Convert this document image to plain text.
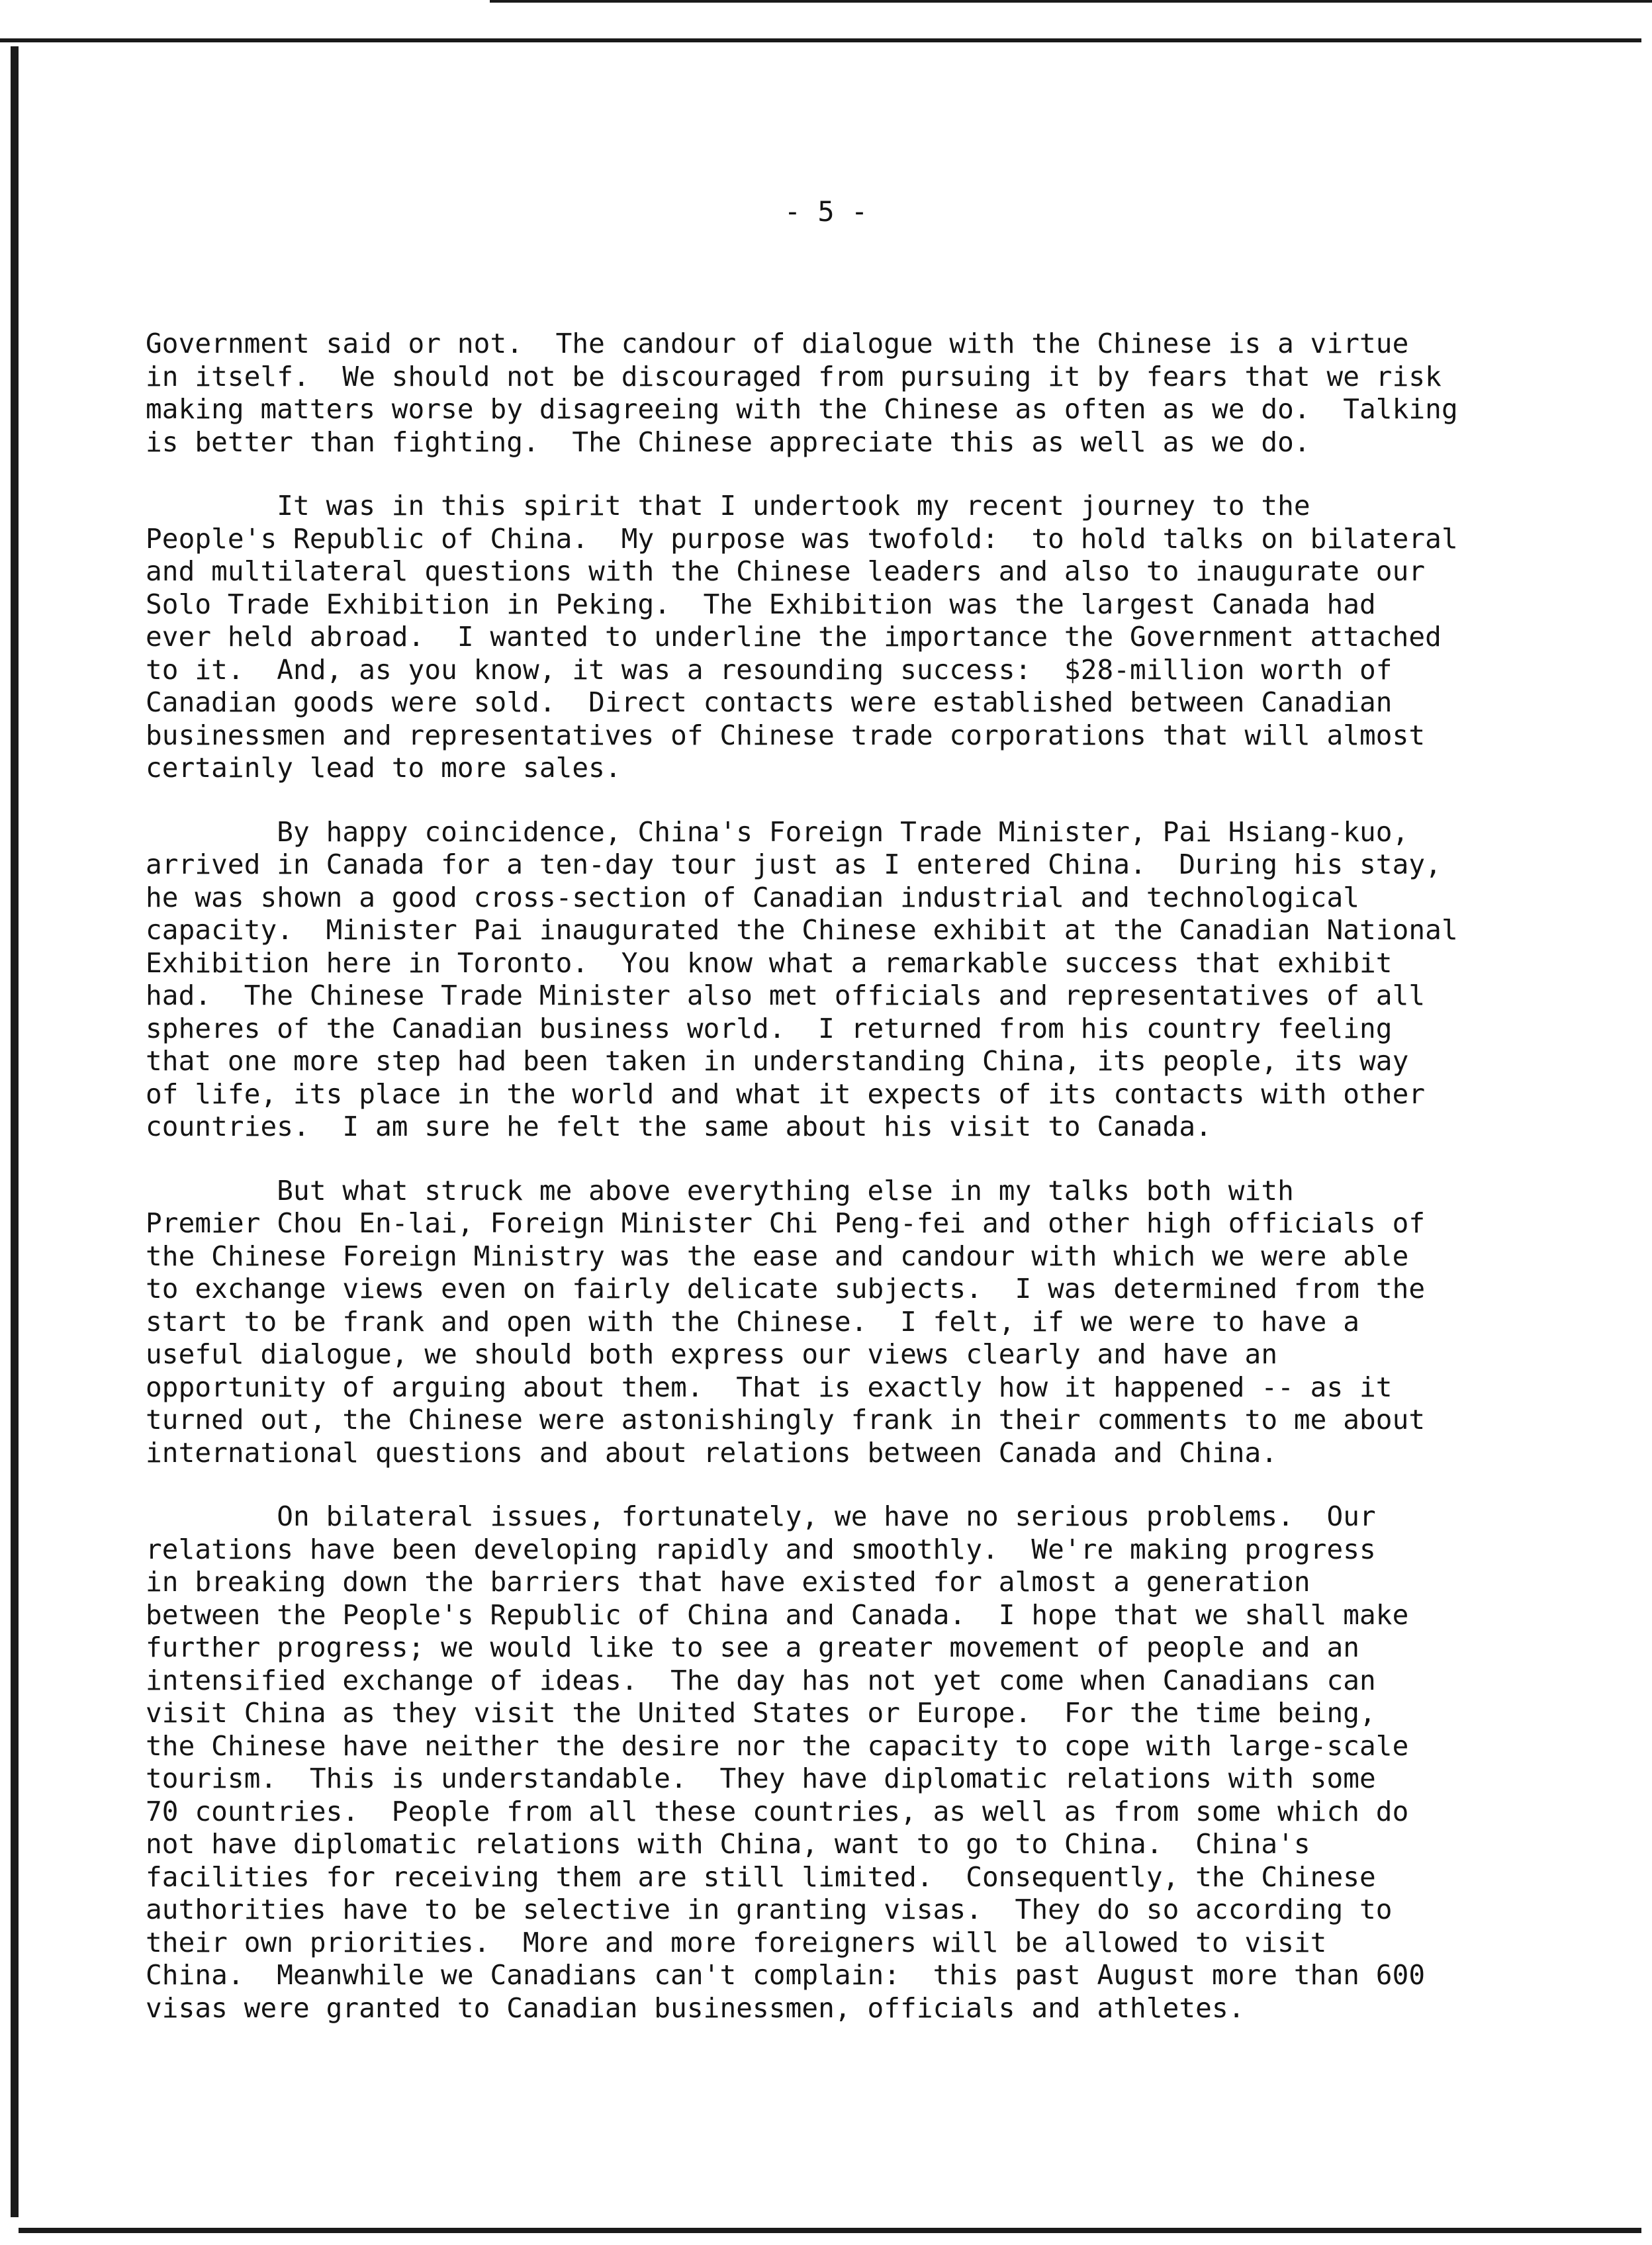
- 5 -
Government said or not.  The candour of dialogue with the Chinese is a virtue
in itself.  We should not be discouraged from pursuing it by fears that we risk
making matters worse by disagreeing with the Chinese as often as we do.  Talking
is better than fighting.  The Chinese appreciate this as well as we do.
It was in this spirit that I undertook my recent journey to the
People's Republic of China.  My purpose was twofold:  to hold talks on bilateral
and multilateral questions with the Chinese leaders and also to inaugurate our
Solo Trade Exhibition in Peking.  The Exhibition was the largest Canada had
ever held abroad.  I wanted to underline the importance the Government attached
to it.  And, as you know, it was a resounding success:  $28-million worth of
Canadian goods were sold.  Direct contacts were established between Canadian
businessmen and representatives of Chinese trade corporations that will almost
certainly lead to more sales.
By happy coincidence, China's Foreign Trade Minister, Pai Hsiang-kuo,
arrived in Canada for a ten-day tour just as I entered China.  During his stay,
he was shown a good cross-section of Canadian industrial and technological
capacity.  Minister Pai inaugurated the Chinese exhibit at the Canadian National
Exhibition here in Toronto.  You know what a remarkable success that exhibit
had.  The Chinese Trade Minister also met officials and representatives of all
spheres of the Canadian business world.  I returned from his country feeling
that one more step had been taken in understanding China, its people, its way
of life, its place in the world and what it expects of its contacts with other
countries.  I am sure he felt the same about his visit to Canada.
But what struck me above everything else in my talks both with
Premier Chou En-lai, Foreign Minister Chi Peng-fei and other high officials of
the Chinese Foreign Ministry was the ease and candour with which we were able
to exchange views even on fairly delicate subjects.  I was determined from the
start to be frank and open with the Chinese.  I felt, if we were to have a
useful dialogue, we should both express our views clearly and have an
opportunity of arguing about them.  That is exactly how it happened -- as it
turned out, the Chinese were astonishingly frank in their comments to me about
international questions and about relations between Canada and China.
On bilateral issues, fortunately, we have no serious problems.  Our
relations have been developing rapidly and smoothly.  We're making progress
in breaking down the barriers that have existed for almost a generation
between the People's Republic of China and Canada.  I hope that we shall make
further progress; we would like to see a greater movement of people and an
intensified exchange of ideas.  The day has not yet come when Canadians can
visit China as they visit the United States or Europe.  For the time being,
the Chinese have neither the desire nor the capacity to cope with large-scale
tourism.  This is understandable.  They have diplomatic relations with some
70 countries.  People from all these countries, as well as from some which do
not have diplomatic relations with China, want to go to China.  China's
facilities for receiving them are still limited.  Consequently, the Chinese
authorities have to be selective in granting visas.  They do so according to
their own priorities.  More and more foreigners will be allowed to visit
China.  Meanwhile we Canadians can't complain:  this past August more than 600
visas were granted to Canadian businessmen, officials and athletes.
